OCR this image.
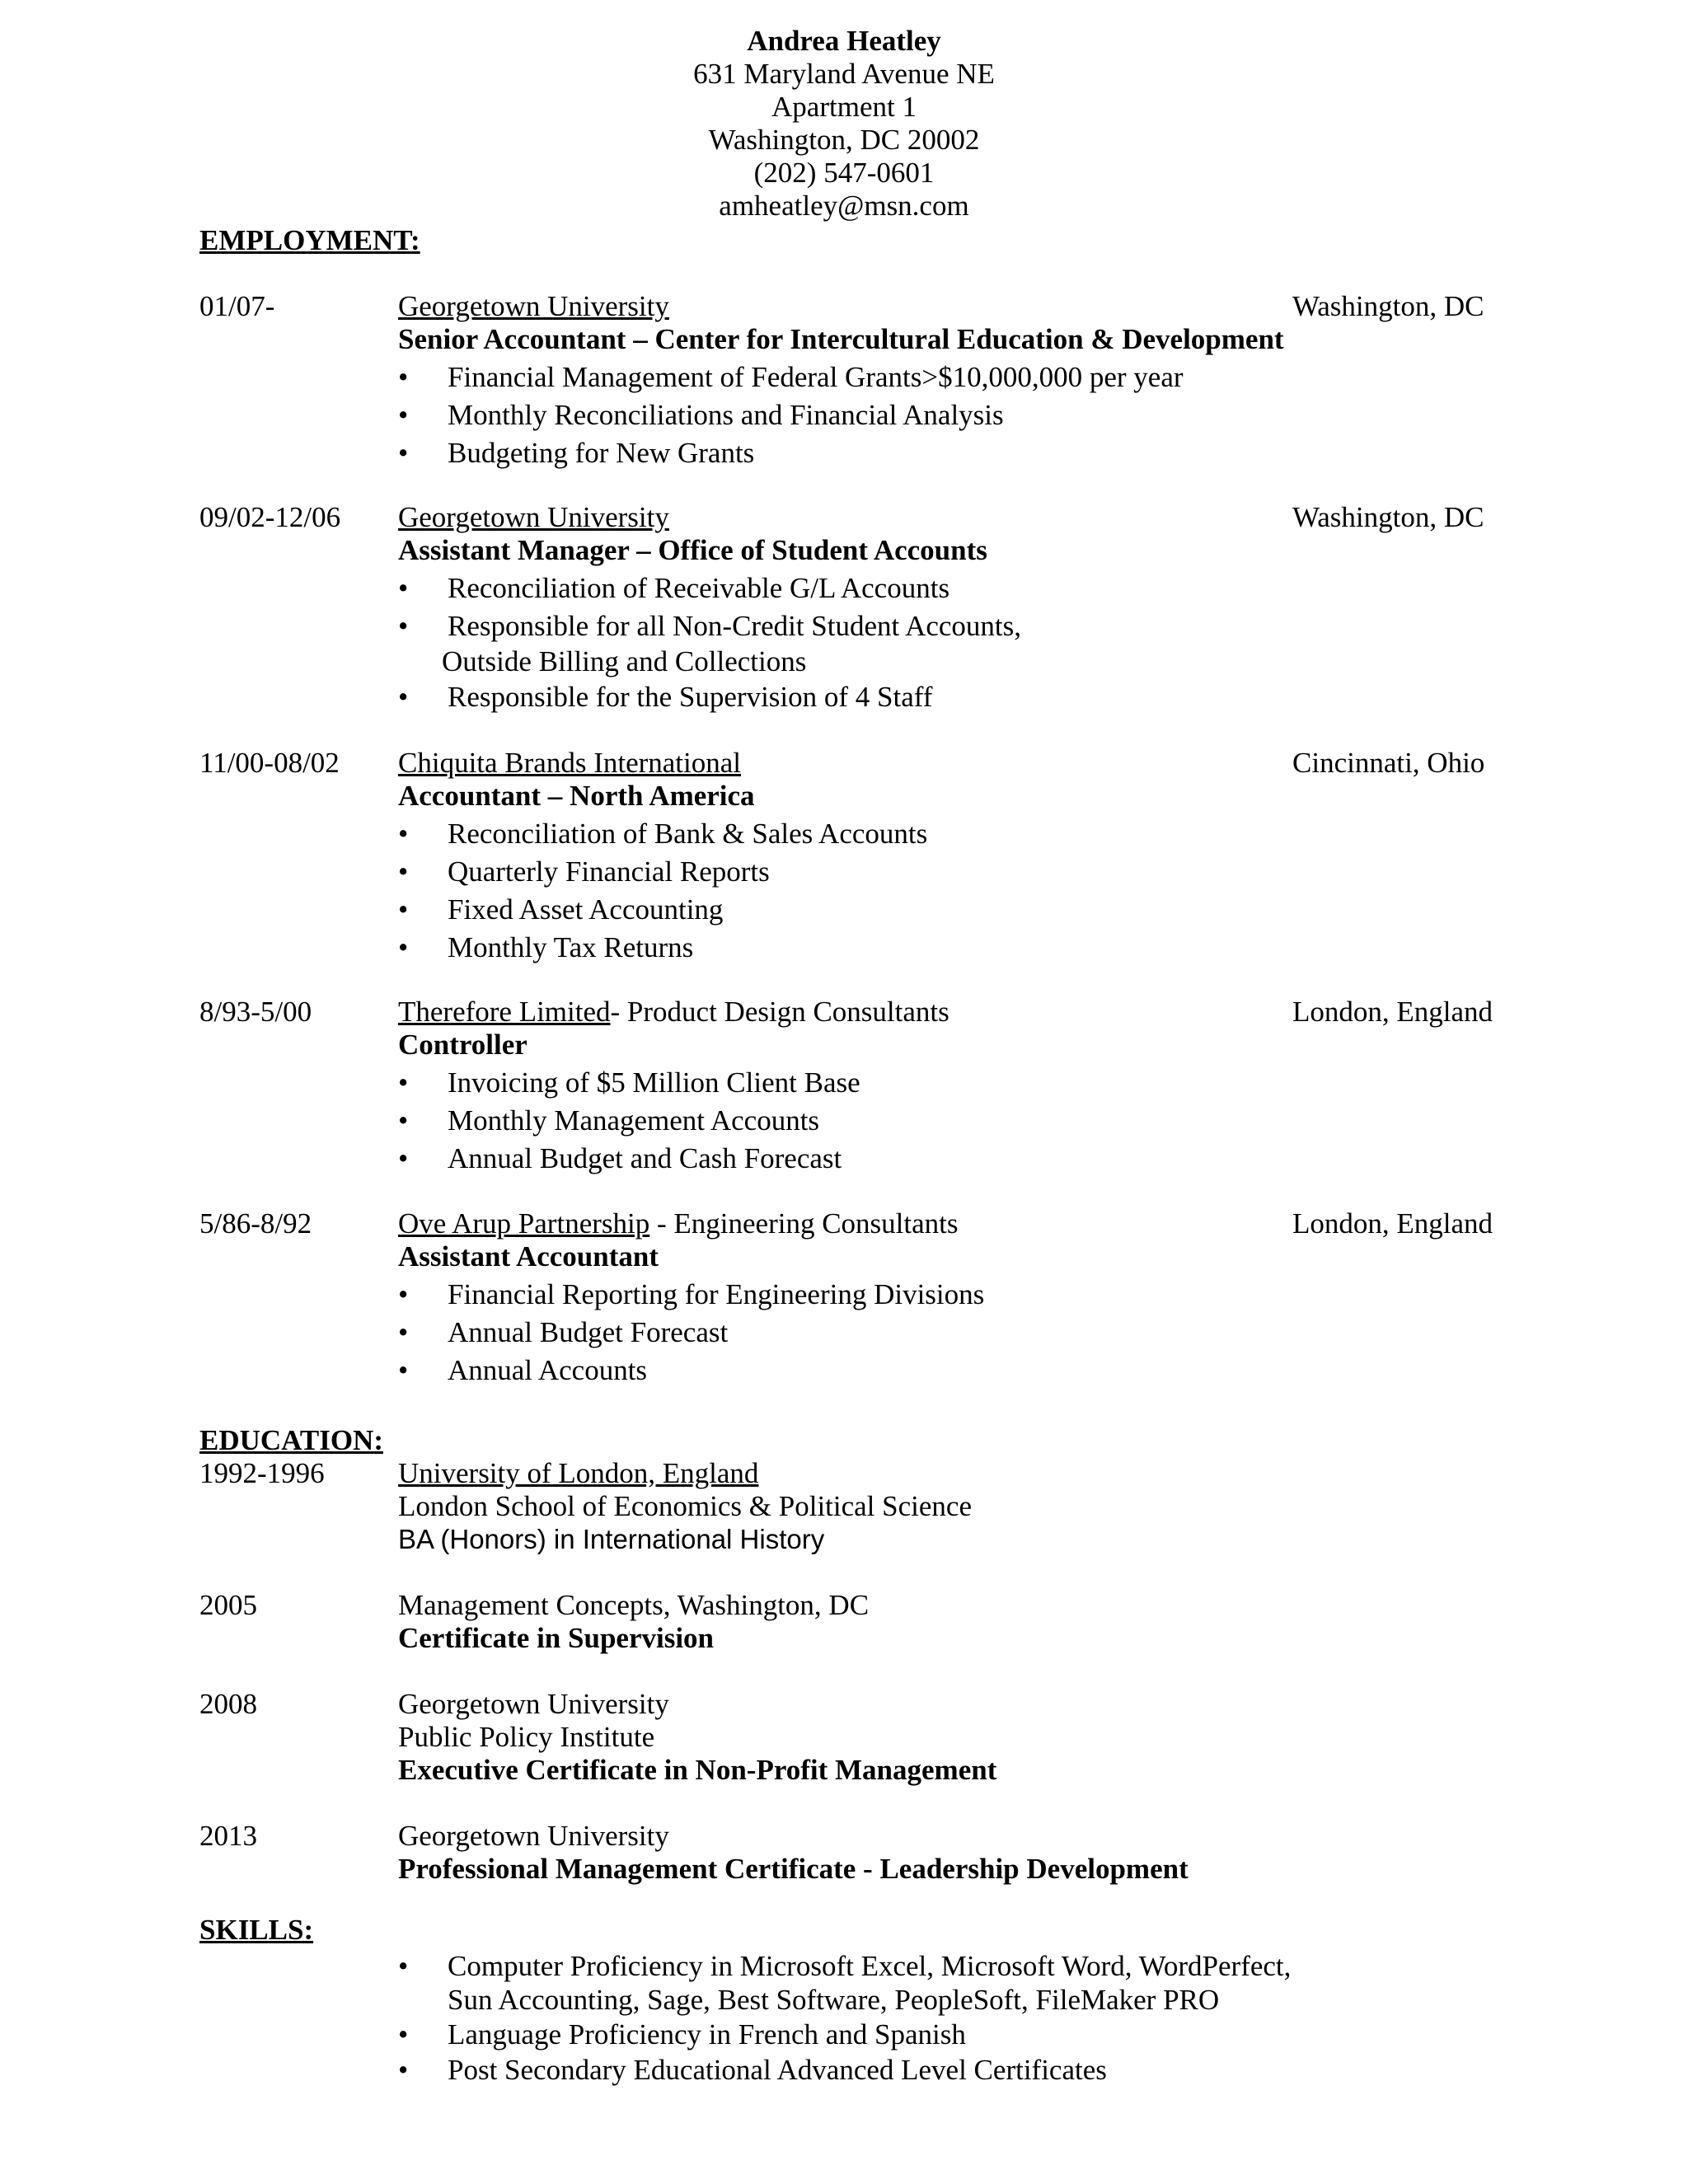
Andrea Heatley
631 Maryland Avenue NE
Apartment 1
Washington, DC 20002
(202) 547-0601
amheatley@msn.com
EMPLOYMENT:
01/07-	Georgetown University
Senior Accountant – Center for Intercultural Education & Development
• Financial Management of Federal Grants>$10,000,000 per year
• Monthly Reconciliations and Financial Analysis
• Budgeting for New Grants
Washington, DC
09/02-12/06 Georgetown University
Assistant Manager – Office of Student Accounts
• Reconciliation of Receivable G/L Accounts
• Responsible for all Non-Credit Student Accounts,
Outside Billing and Collections
• Responsible for the Supervision of 4 Staff
Washington, DC
11/00-08/02 Chiquita Brands International
Accountant – North America
• Reconciliation of Bank & Sales Accounts
• Quarterly Financial Reports
• Fixed Asset Accounting
• Monthly Tax Returns
Cincinnati, Ohio
8/93-5/00	Therefore Limited- Product Design Consultants
Controller
• Invoicing of $5 Million Client Base
• Monthly Management Accounts
• Annual Budget and Cash Forecast
London, England
5/86-8/92	Ove Arup Partnership - Engineering Consultants
Assistant Accountant
• Financial Reporting for Engineering Divisions
• Annual Budget Forecast
• Annual Accounts
London, England
EDUCATION:
1992-1996	University of London, England
London School of Economics & Political Science
BA (Honors) in International History
2005	Management Concepts, Washington, DC
Certificate in Supervision
2008	Georgetown University
Public Policy Institute
Executive Certificate in Non-Profit Management
2013	Georgetown University
Professional Management Certificate - Leadership Development
SKILLS:
• Computer Proficiency in Microsoft Excel, Microsoft Word, WordPerfect,
Sun Accounting, Sage, Best Software, PeopleSoft, FileMaker PRO
• Language Proficiency in French and Spanish
• Post Secondary Educational Advanced Level Certificates
